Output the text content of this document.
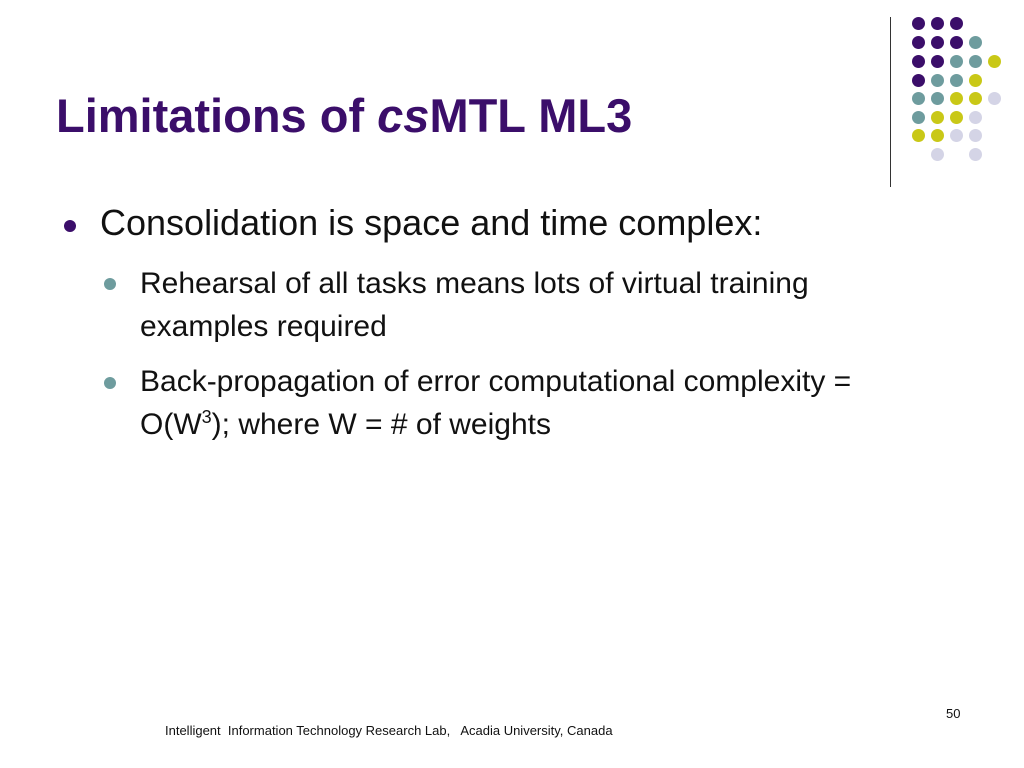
Limitations of csMTL ML3
Consolidation is space and time complex:
Rehearsal of all tasks means lots of virtual training examples required
Back-propagation of error computational complexity = $O(W^3)$; where W = # of weights
50
Intelligent  Information Technology Research Lab,   Acadia University, Canada
